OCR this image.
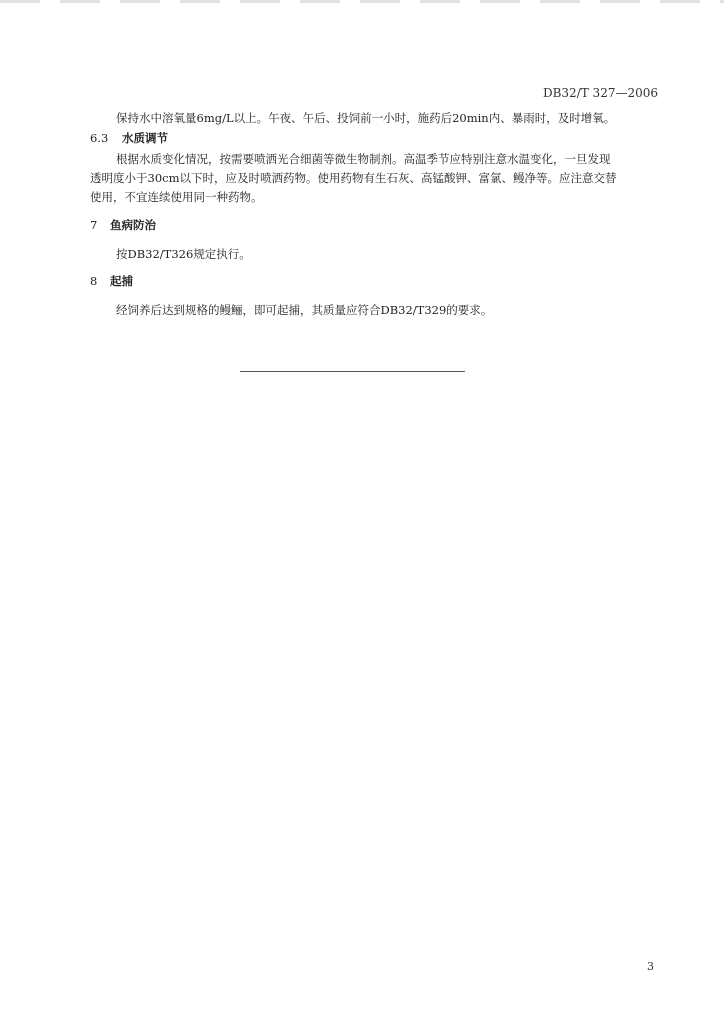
DB32/T 327—2006
保持水中溶氧量6mg/L以上。午夜、午后、投饲前一小时，施药后20min内、暴雨时，及时增氧。
6.3 水质调节
根据水质变化情况，按需要喷洒光合细菌等微生物制剂。高温季节应特别注意水温变化，一旦发现
透明度小于30cm以下时，应及时喷洒药物。使用药物有生石灰、高锰酸钾、富氯、鳗净等。应注意交替
使用，不宜连续使用同一种药物。
7 鱼病防治
按DB32/T326规定执行。
8 起捕
经饲养后达到规格的鳗鲡，即可起捕，其质量应符合DB32/T329的要求。
3
